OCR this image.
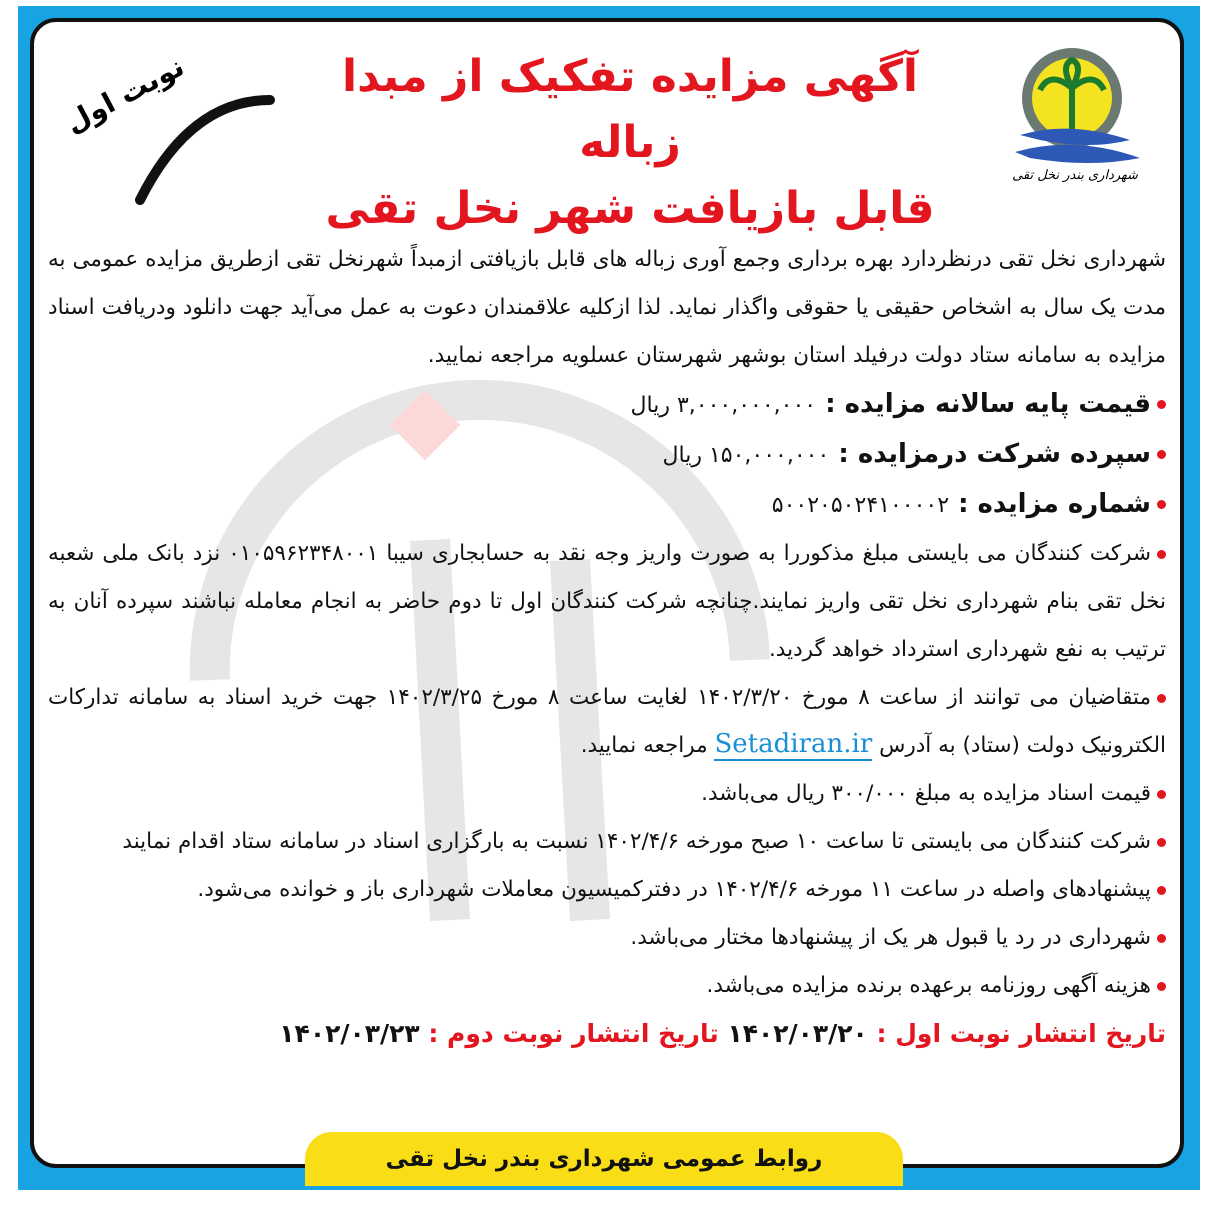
شهرداری بندر نخل تقی
نوبت اول	آگهی مزایده تفکیک از مبدا زباله
قابل بازیافت شهر نخل تقی

شهرداری نخل تقی درنظردارد بهره برداری وجمع آوری زباله های قابل بازیافتی ازمبداً شهرنخل تقی ازطریق مزایده عمومی به مدت یک سال به اشخاص حقیقی یا حقوقی واگذار نماید. لذا ازکلیه علاقمندان دعوت به عمل می‌آید جهت دانلود ودریافت اسناد مزایده به سامانه ستاد دولت درفیلد استان بوشهر شهرستان عسلویه مراجعه نمایید.

قیمت پایه سالانه مزایده : ۳,۰۰۰,۰۰۰,۰۰۰ ریال

سپرده شرکت درمزایده : ۱۵۰,۰۰۰,۰۰۰ ریال

شماره مزایده : ۵۰۰۲۰۵۰۲۴۱۰۰۰۰۲

شرکت کنندگان می بایستی مبلغ مذکوررا به صورت واریز وجه نقد به حسابجاری سیبا ۰۱۰۵۹۶۲۳۴۸۰۰۱ نزد بانک ملی شعبه نخل تقی بنام شهرداری نخل تقی واریز نمایند.چنانچه شرکت کنندگان اول تا دوم حاضر به انجام معامله نباشند سپرده آنان به ترتیب به نفع شهرداری استرداد خواهد گردید.

متقاضیان می توانند از ساعت ۸ مورخ ۱۴۰۲/۳/۲۰ لغایت ساعت ۸ مورخ ۱۴۰۲/۳/۲۵ جهت خرید اسناد به سامانه تدارکات الکترونیک دولت (ستاد) به آدرس Setadiran.ir مراجعه نمایید.

قیمت اسناد مزایده به مبلغ ۳۰۰/۰۰۰ ریال می‌باشد.

شرکت کنندگان می بایستی تا ساعت ۱۰ صبح مورخه ۱۴۰۲/۴/۶ نسبت به بارگزاری اسناد در سامانه ستاد اقدام نمایند

پیشنهادهای واصله در ساعت ۱۱ مورخه ۱۴۰۲/۴/۶ در دفترکمیسیون معاملات شهرداری باز و خوانده می‌شود.

شهرداری در رد یا قبول هر یک از پیشنهادها مختار می‌باشد.

هزینه آگهی روزنامه برعهده برنده مزایده می‌باشد.

تاریخ انتشار نوبت اول : ۱۴۰۲/۰۳/۲۰ تاریخ انتشار نوبت دوم : ۱۴۰۲/۰۳/۲۳

روابط عمومی شهرداری بندر نخل تقی
